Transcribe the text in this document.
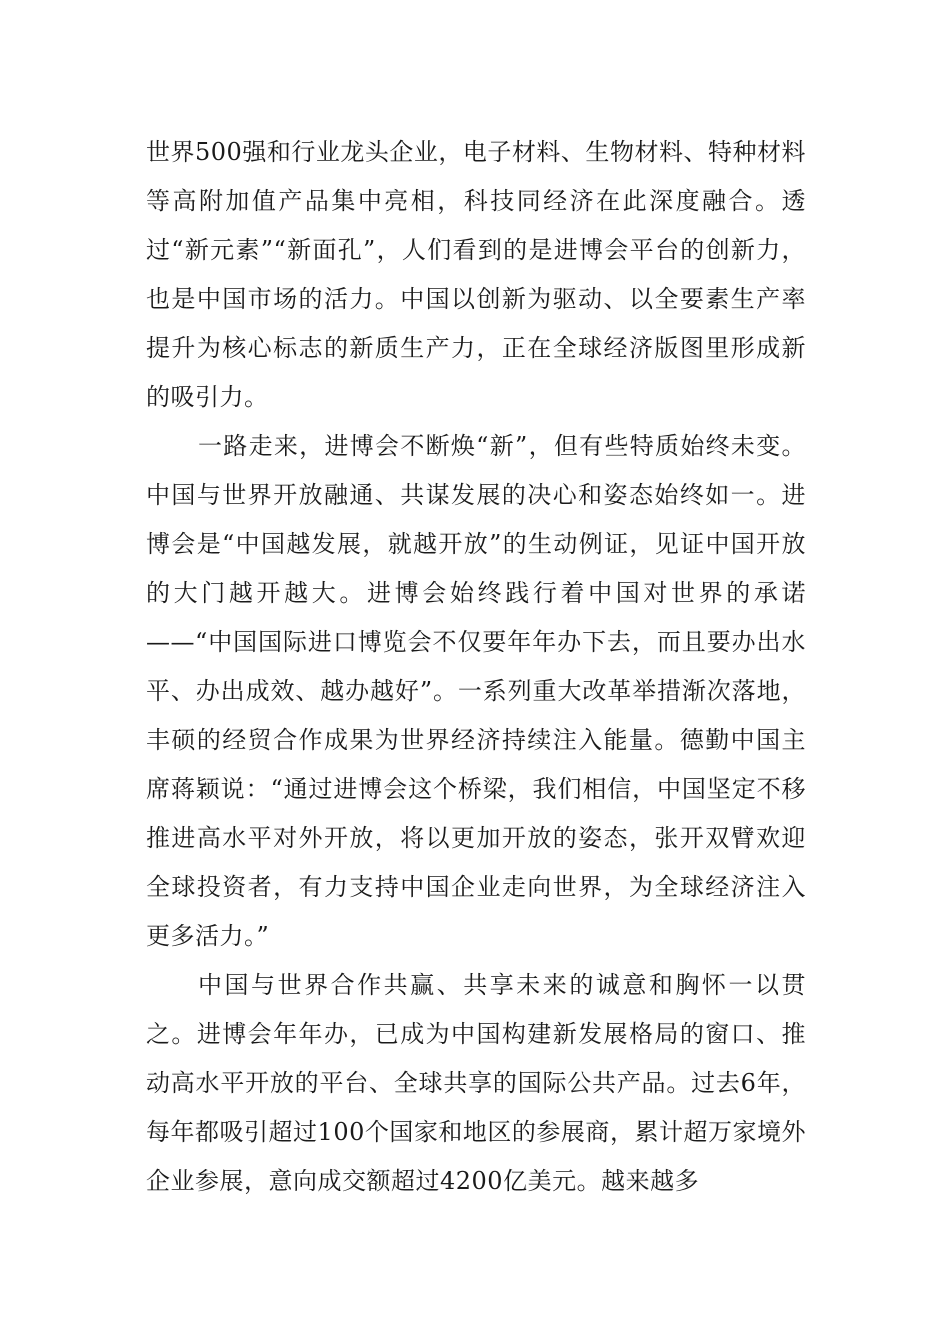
世界500强和行业龙头企业，电子材料、生物材料、特种材料等高附加值产品集中亮相，科技同经济在此深度融合。透过“新元素”“新面孔”，人们看到的是进博会平台的创新力，也是中国市场的活力。中国以创新为驱动、以全要素生产率提升为核心标志的新质生产力，正在全球经济版图里形成新的吸引力。

一路走来，进博会不断焕“新”，但有些特质始终未变。中国与世界开放融通、共谋发展的决心和姿态始终如一。进博会是“中国越发展，就越开放”的生动例证，见证中国开放的大门越开越大。进博会始终践行着中国对世界的承诺——“中国国际进口博览会不仅要年年办下去，而且要办出水平、办出成效、越办越好”。一系列重大改革举措渐次落地，丰硕的经贸合作成果为世界经济持续注入能量。德勤中国主席蒋颖说：“通过进博会这个桥梁，我们相信，中国坚定不移推进高水平对外开放，将以更加开放的姿态，张开双臂欢迎全球投资者，有力支持中国企业走向世界，为全球经济注入更多活力。”

中国与世界合作共赢、共享未来的诚意和胸怀一以贯之。进博会年年办，已成为中国构建新发展格局的窗口、推动高水平开放的平台、全球共享的国际公共产品。过去6年，每年都吸引超过100个国家和地区的参展商，累计超万家境外企业参展，意向成交额超过4200亿美元。越来越多
